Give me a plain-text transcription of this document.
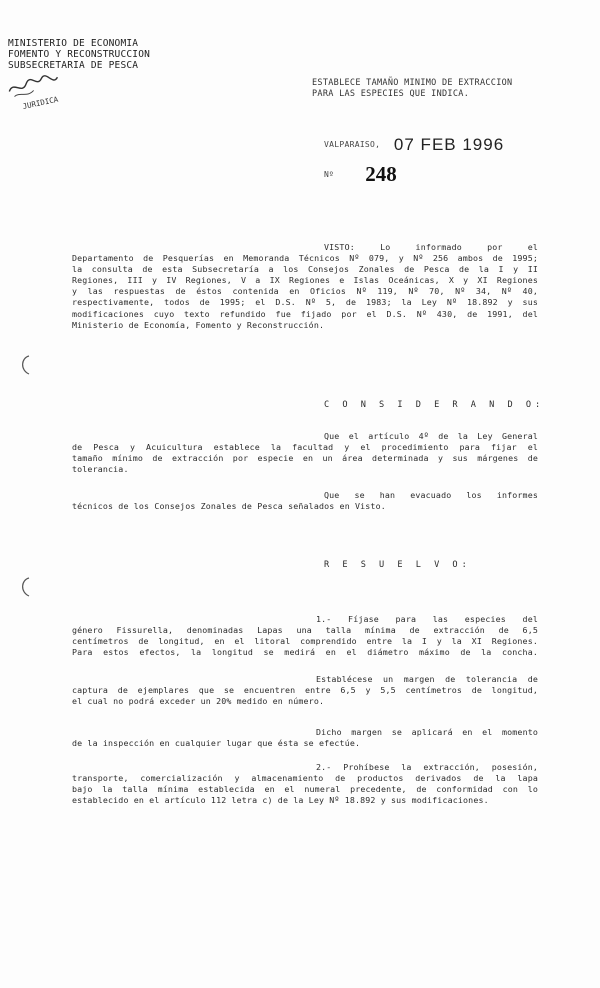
MINISTERIO DE ECONOMIA
FOMENTO Y RECONSTRUCCION
SUBSECRETARIA DE PESCA
JURIDICA
ESTABLECE TAMAÑO MINIMO DE EXTRACCION
PARA LAS ESPECIES QUE INDICA.
VALPARAISO, 07 FEB 1996
Nº 248
VISTO: Lo informado por el
Departamento de Pesquerías en Memoranda Técnicos Nº 079, y Nº 256 ambos de 1995;
la consulta de esta Subsecretaría a los Consejos Zonales de Pesca de la I y II
Regiones, III y IV Regiones, V a IX Regiones e Islas Oceánicas, X y XI Regiones
y las respuestas de éstos contenida en Oficios Nº 119, Nº 70, Nº 34, Nº 40,
respectivamente, todos de 1995; el D.S. Nº 5, de 1983; la Ley Nº 18.892 y sus
modificaciones cuyo texto refundido fue fijado por el D.S. Nº 430, de 1991, del
Ministerio de Economía, Fomento y Reconstrucción.
C O N S I D E R A N D O:
Que el artículo 4º de la Ley General
de Pesca y Acuicultura establece la facultad y el procedimiento para fijar el
tamaño mínimo de extracción por especie en un área determinada y sus márgenes de
tolerancia.
Que se han evacuado los informes
técnicos de los Consejos Zonales de Pesca señalados en Visto.
R E S U E L V O:
1.- Fíjase para las especies del
género Fissurella, denominadas Lapas una talla mínima de extracción de 6,5
centímetros de longitud, en el litoral comprendido entre la I y la XI Regiones.
Para estos efectos, la longitud se medirá en el diámetro máximo de la concha.
Establécese un margen de tolerancia de
captura de ejemplares que se encuentren entre 6,5 y 5,5 centímetros de longitud,
el cual no podrá exceder un 20% medido en número.
Dicho margen se aplicará en el momento
de la inspección en cualquier lugar que ésta se efectúe.
2.- Prohíbese la extracción, posesión,
transporte, comercialización y almacenamiento de productos derivados de la lapa
bajo la talla mínima establecida en el numeral precedente, de conformidad con lo
establecido en el artículo 112 letra c) de la Ley Nº 18.892 y sus modificaciones.
